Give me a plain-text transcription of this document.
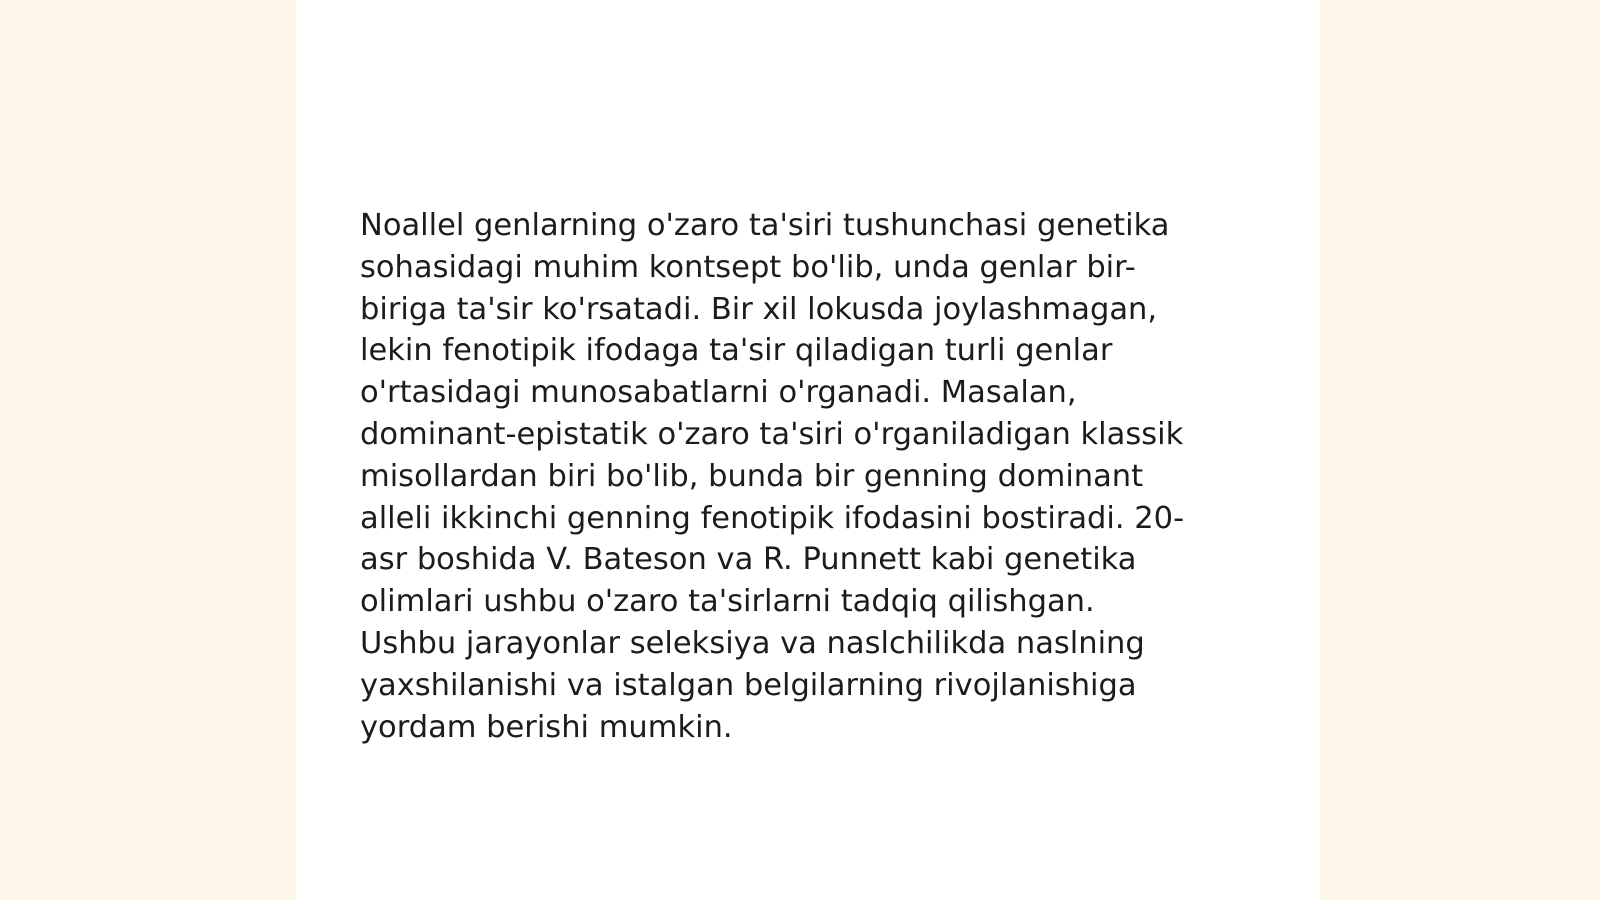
Noallel genlarning o'zaro ta'siri tushunchasi genetika
sohasidagi muhim kontsept bo'lib, unda genlar bir-
biriga ta'sir ko'rsatadi. Bir xil lokusda joylashmagan,
lekin fenotipik ifodaga ta'sir qiladigan turli genlar
o'rtasidagi munosabatlarni o'rganadi. Masalan,
dominant-epistatik o'zaro ta'siri o'rganiladigan klassik
misollardan biri bo'lib, bunda bir genning dominant
alleli ikkinchi genning fenotipik ifodasini bostiradi. 20-
asr boshida V. Bateson va R. Punnett kabi genetika
olimlari ushbu o'zaro ta'sirlarni tadqiq qilishgan.
Ushbu jarayonlar seleksiya va naslchilikda naslning
yaxshilanishi va istalgan belgilarning rivojlanishiga
yordam berishi mumkin.
